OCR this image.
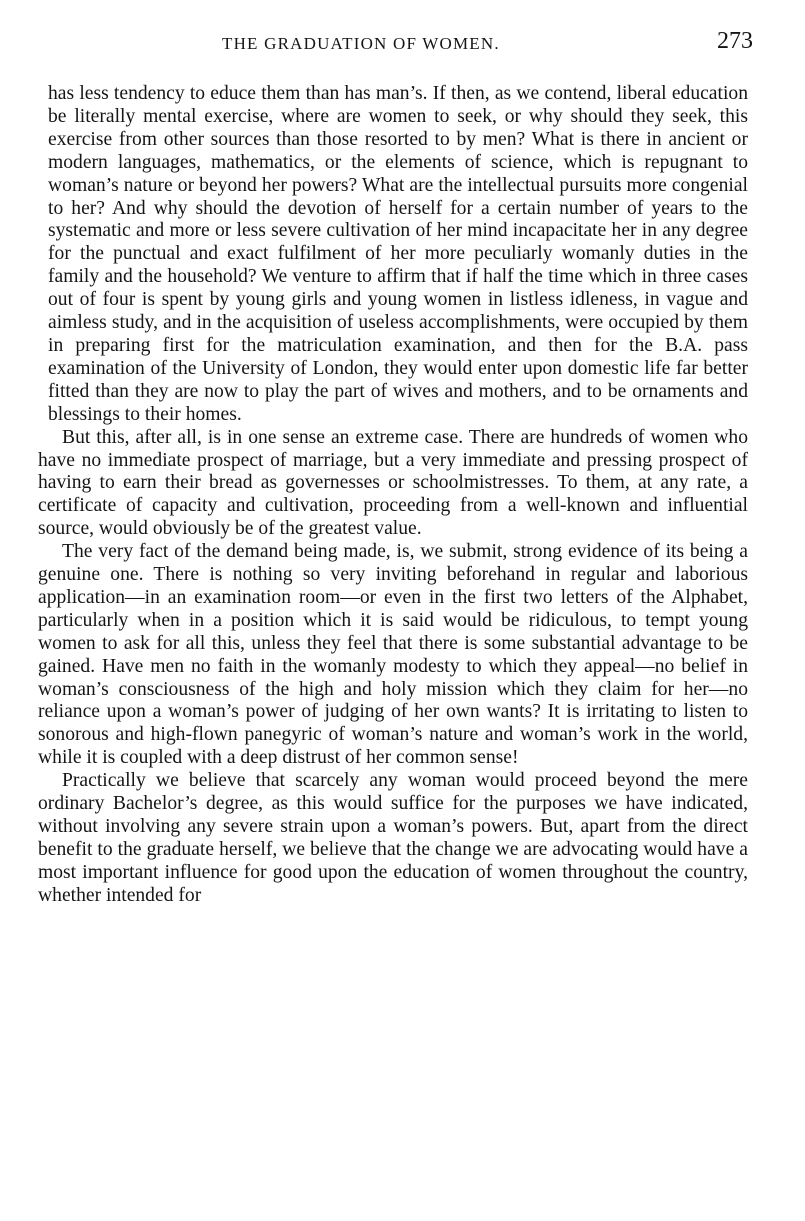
THE GRADUATION OF WOMEN.	273

has less tendency to educe them than has man’s. If then, as we contend, liberal education be literally mental exercise, where are women to seek, or why should they seek, this exercise from other sources than those resorted to by men? What is there in ancient or modern languages, mathematics, or the elements of science, which is repugnant to woman’s nature or beyond her powers? What are the intellectual pursuits more congenial to her? And why should the devotion of herself for a certain number of years to the systematic and more or less severe cultivation of her mind incapacitate her in any degree for the punctual and exact fulfilment of her more peculiarly womanly duties in the family and the household? We venture to affirm that if half the time which in three cases out of four is spent by young girls and young women in listless idleness, in vague and aimless study, and in the acquisition of useless accomplishments, were occupied by them in preparing first for the matriculation examination, and then for the B.A. pass examination of the University of London, they would enter upon domestic life far better fitted than they are now to play the part of wives and mothers, and to be ornaments and blessings to their homes.

But this, after all, is in one sense an extreme case. There are hundreds of women who have no immediate prospect of marriage, but a very immediate and pressing prospect of having to earn their bread as governesses or schoolmistresses. To them, at any rate, a certificate of capacity and cultivation, proceeding from a well-known and influential source, would obviously be of the greatest value.

The very fact of the demand being made, is, we submit, strong evidence of its being a genuine one. There is nothing so very inviting beforehand in regular and laborious application—in an examination room—or even in the first two letters of the Alphabet, particularly when in a position which it is said would be ridiculous, to tempt young women to ask for all this, unless they feel that there is some substantial advantage to be gained. Have men no faith in the womanly modesty to which they appeal—no belief in woman’s consciousness of the high and holy mission which they claim for her—no reliance upon a woman’s power of judging of her own wants? It is irritating to listen to sonorous and high-flown panegyric of woman’s nature and woman’s work in the world, while it is coupled with a deep distrust of her common sense!

Practically we believe that scarcely any woman would proceed beyond the mere ordinary Bachelor’s degree, as this would suffice for the purposes we have indicated, without involving any severe strain upon a woman’s powers. But, apart from the direct benefit to the graduate herself, we believe that the change we are advocating would have a most important influence for good upon the education of women throughout the country, whether intended for
